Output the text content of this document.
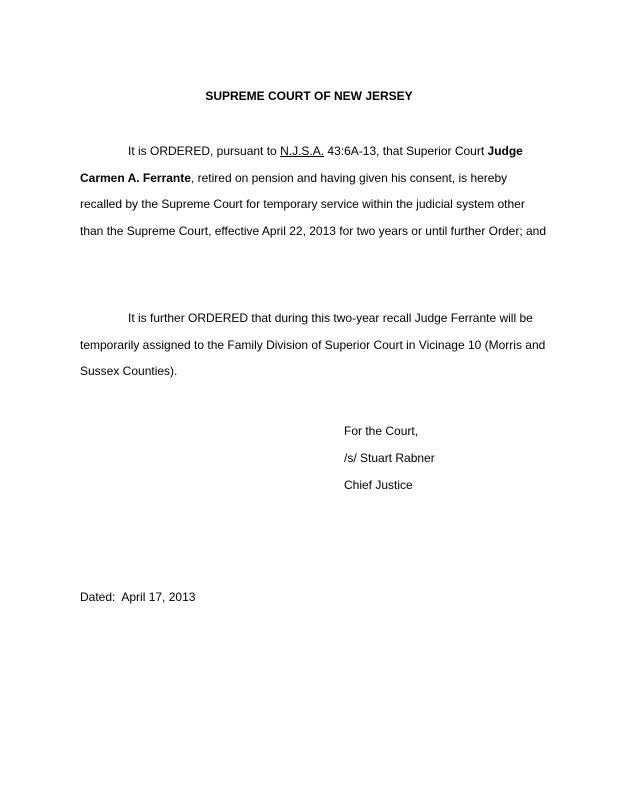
SUPREME COURT OF NEW JERSEY
It is ORDERED, pursuant to N.J.S.A. 43:6A-13, that Superior Court Judge Carmen A. Ferrante, retired on pension and having given his consent, is hereby recalled by the Supreme Court for temporary service within the judicial system other than the Supreme Court, effective April 22, 2013 for two years or until further Order; and
It is further ORDERED that during this two-year recall Judge Ferrante will be temporarily assigned to the Family Division of Superior Court in Vicinage 10 (Morris and Sussex Counties).
For the Court,
/s/ Stuart Rabner
Chief Justice
Dated:  April 17, 2013
